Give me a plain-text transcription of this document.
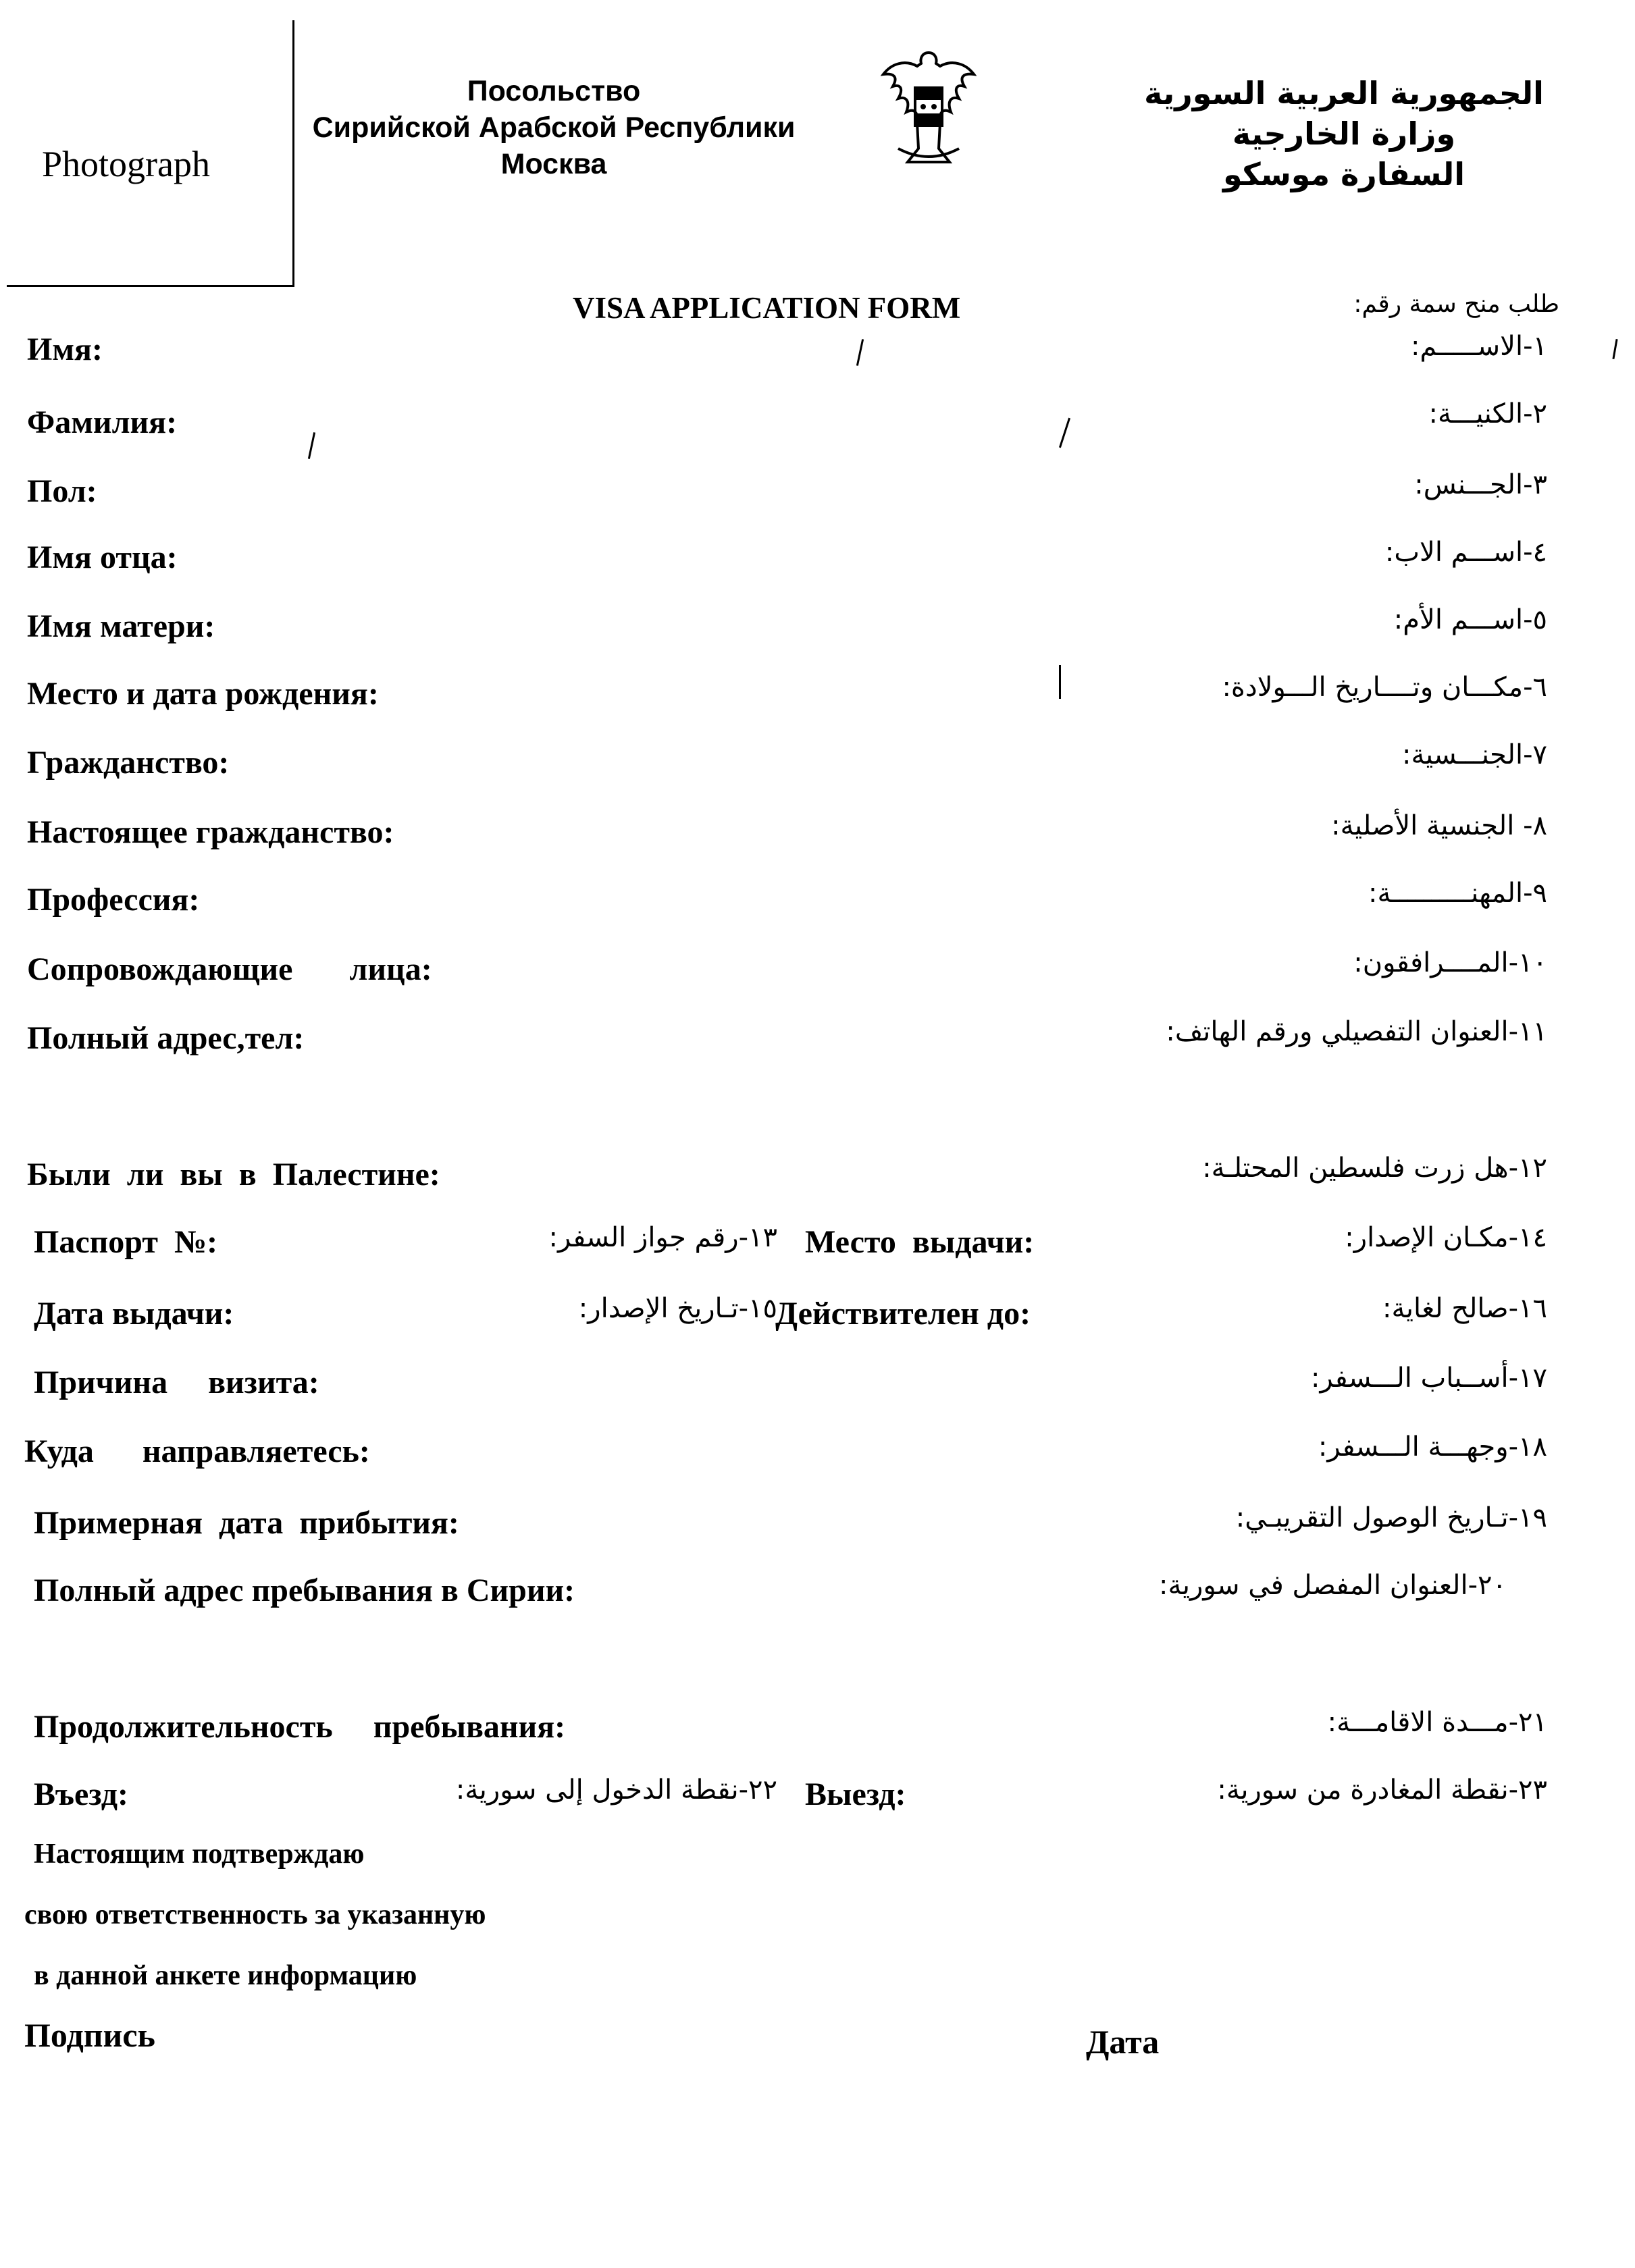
Photograph
Посольство
Сирийской Арабской Республики
Москва
الجمهورية العربية السورية
وزارة الخارجية
السفارة موسكو
VISA APPLICATION FORM	طلب منح سمة رقم:
Имя:	١-الاســـــم:
Фамилия:	٢-الكنيـــة:
Пол:	٣-الجـــنس:
Имя отца:	٤-اســـم الاب:
Имя матери:	٥-اســـم الأم:
Место и дата рождения:	٦-مكـــان وتــــاريخ الـــولادة:
Гражданство:	٧-الجنـــسية:
Настоящее гражданство:	٨- الجنسية الأصلية:
Профессия:	٩-المهنــــــــــة:
Сопровождающие       лица:	١٠-المــــرافقون:
Полный адрес,тел:	١١-العنوان التفصيلي ورقم الهاتف:
Были  ли  вы  в  Палестине:	١٢-هل زرت فلسطين المحتلـة:
Паспорт  №:	١٣-رقم جواز السفر: Место  выдачи:	١٤-مكـان الإصدار:
Дата выдачи:	١٥-تـاريخ الإصدار:
Действителен до:	١٦-صالح لغاية:
Причина     визита:	١٧-أســباب الـــسفر:
Куда      направляетесь:	١٨-وجهـــة الـــسفر:
Примерная  дата  прибытия:	١٩-تـاريخ الوصول التقريبـي:
Полный адрес пребывания в Сирии:	٢٠-العنوان المفصل في سورية:
Продолжительность     пребывания:	٢١-مـــدة الاقامـــة:
Въезд:	٢٢-نقطة الدخول إلى سورية: Выезд:	٢٣-نقطة المغادرة من سورية:
Настоящим подтверждаю
свою ответственность за указанную
в данной анкете информацию
Подпись	Дата
